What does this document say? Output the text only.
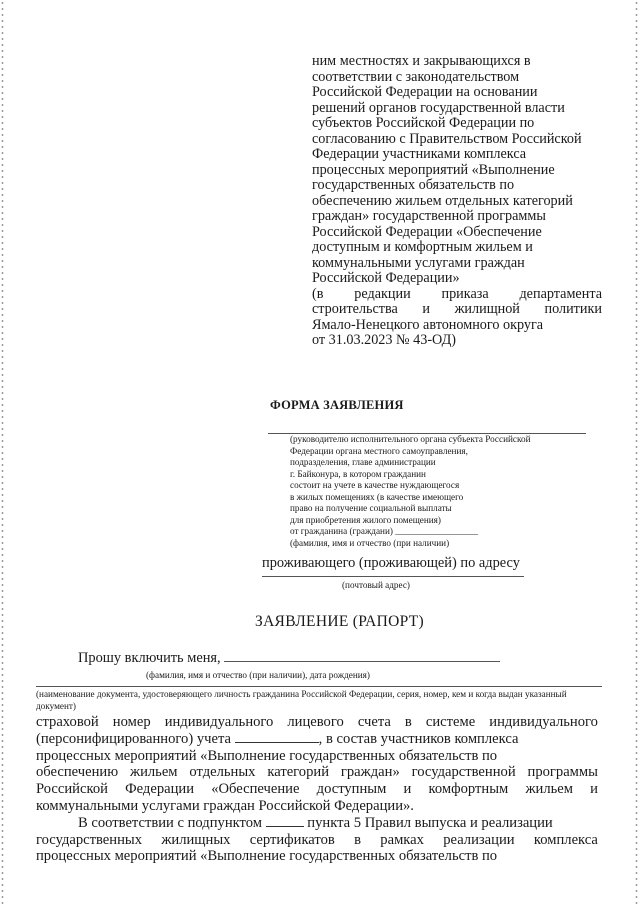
ним местностях и закрывающихся в
соответствии с законодательством
Российской Федерации на основании
решений органов государственной власти
субъектов Российской Федерации по
согласованию с Правительством Российской
Федерации участниками комплекса
процессных мероприятий «Выполнение
государственных обязательств по
обеспечению жильем отдельных категорий
граждан» государственной программы
Российской Федерации «Обеспечение
доступным и комфортным жильем и
коммунальными услугами граждан
Российской Федерации»
(в редакции приказа департамента
строительства и жилищной политики
Ямало-Ненецкого автономного округа
от 31.03.2023 № 43-ОД)
ФОРМА ЗАЯВЛЕНИЯ
(руководителю исполнительного органа субъекта Российской
Федерации органа местного самоуправления,
подразделения, главе администрации
г. Байконура, в котором гражданин
состоит на учете в качестве нуждающегося
в жилых помещениях (в качестве имеющего
право на получение социальной выплаты
для приобретения жилого помещения)
от гражданина (граждани) __________________
(фамилия, имя и отчество (при наличии)
проживающего (проживающей) по адресу
(почтовый адрес)
ЗАЯВЛЕНИЕ (РАПОРТ)
Прошу включить меня,
(фамилия, имя и отчество (при наличии), дата рождения)
(наименование документа, удостоверяющего личность гражданина Российской Федерации, серия, номер, кем и когда выдан указанный документ)
страховой номер индивидуального лицевого счета в системе индивидуального
(персонифицированного) учета	, в состав участников комплекса
процессных мероприятий «Выполнение государственных обязательств по
обеспечению жильем отдельных категорий граждан» государственной программы
Российской Федерации «Обеспечение доступным и комфортным жильем и
коммунальными услугами граждан Российской Федерации».
В соответствии с подпунктом	пункта 5 Правил выпуска и реализации
государственных жилищных сертификатов в рамках реализации комплекса
процессных мероприятий «Выполнение государственных обязательств по
